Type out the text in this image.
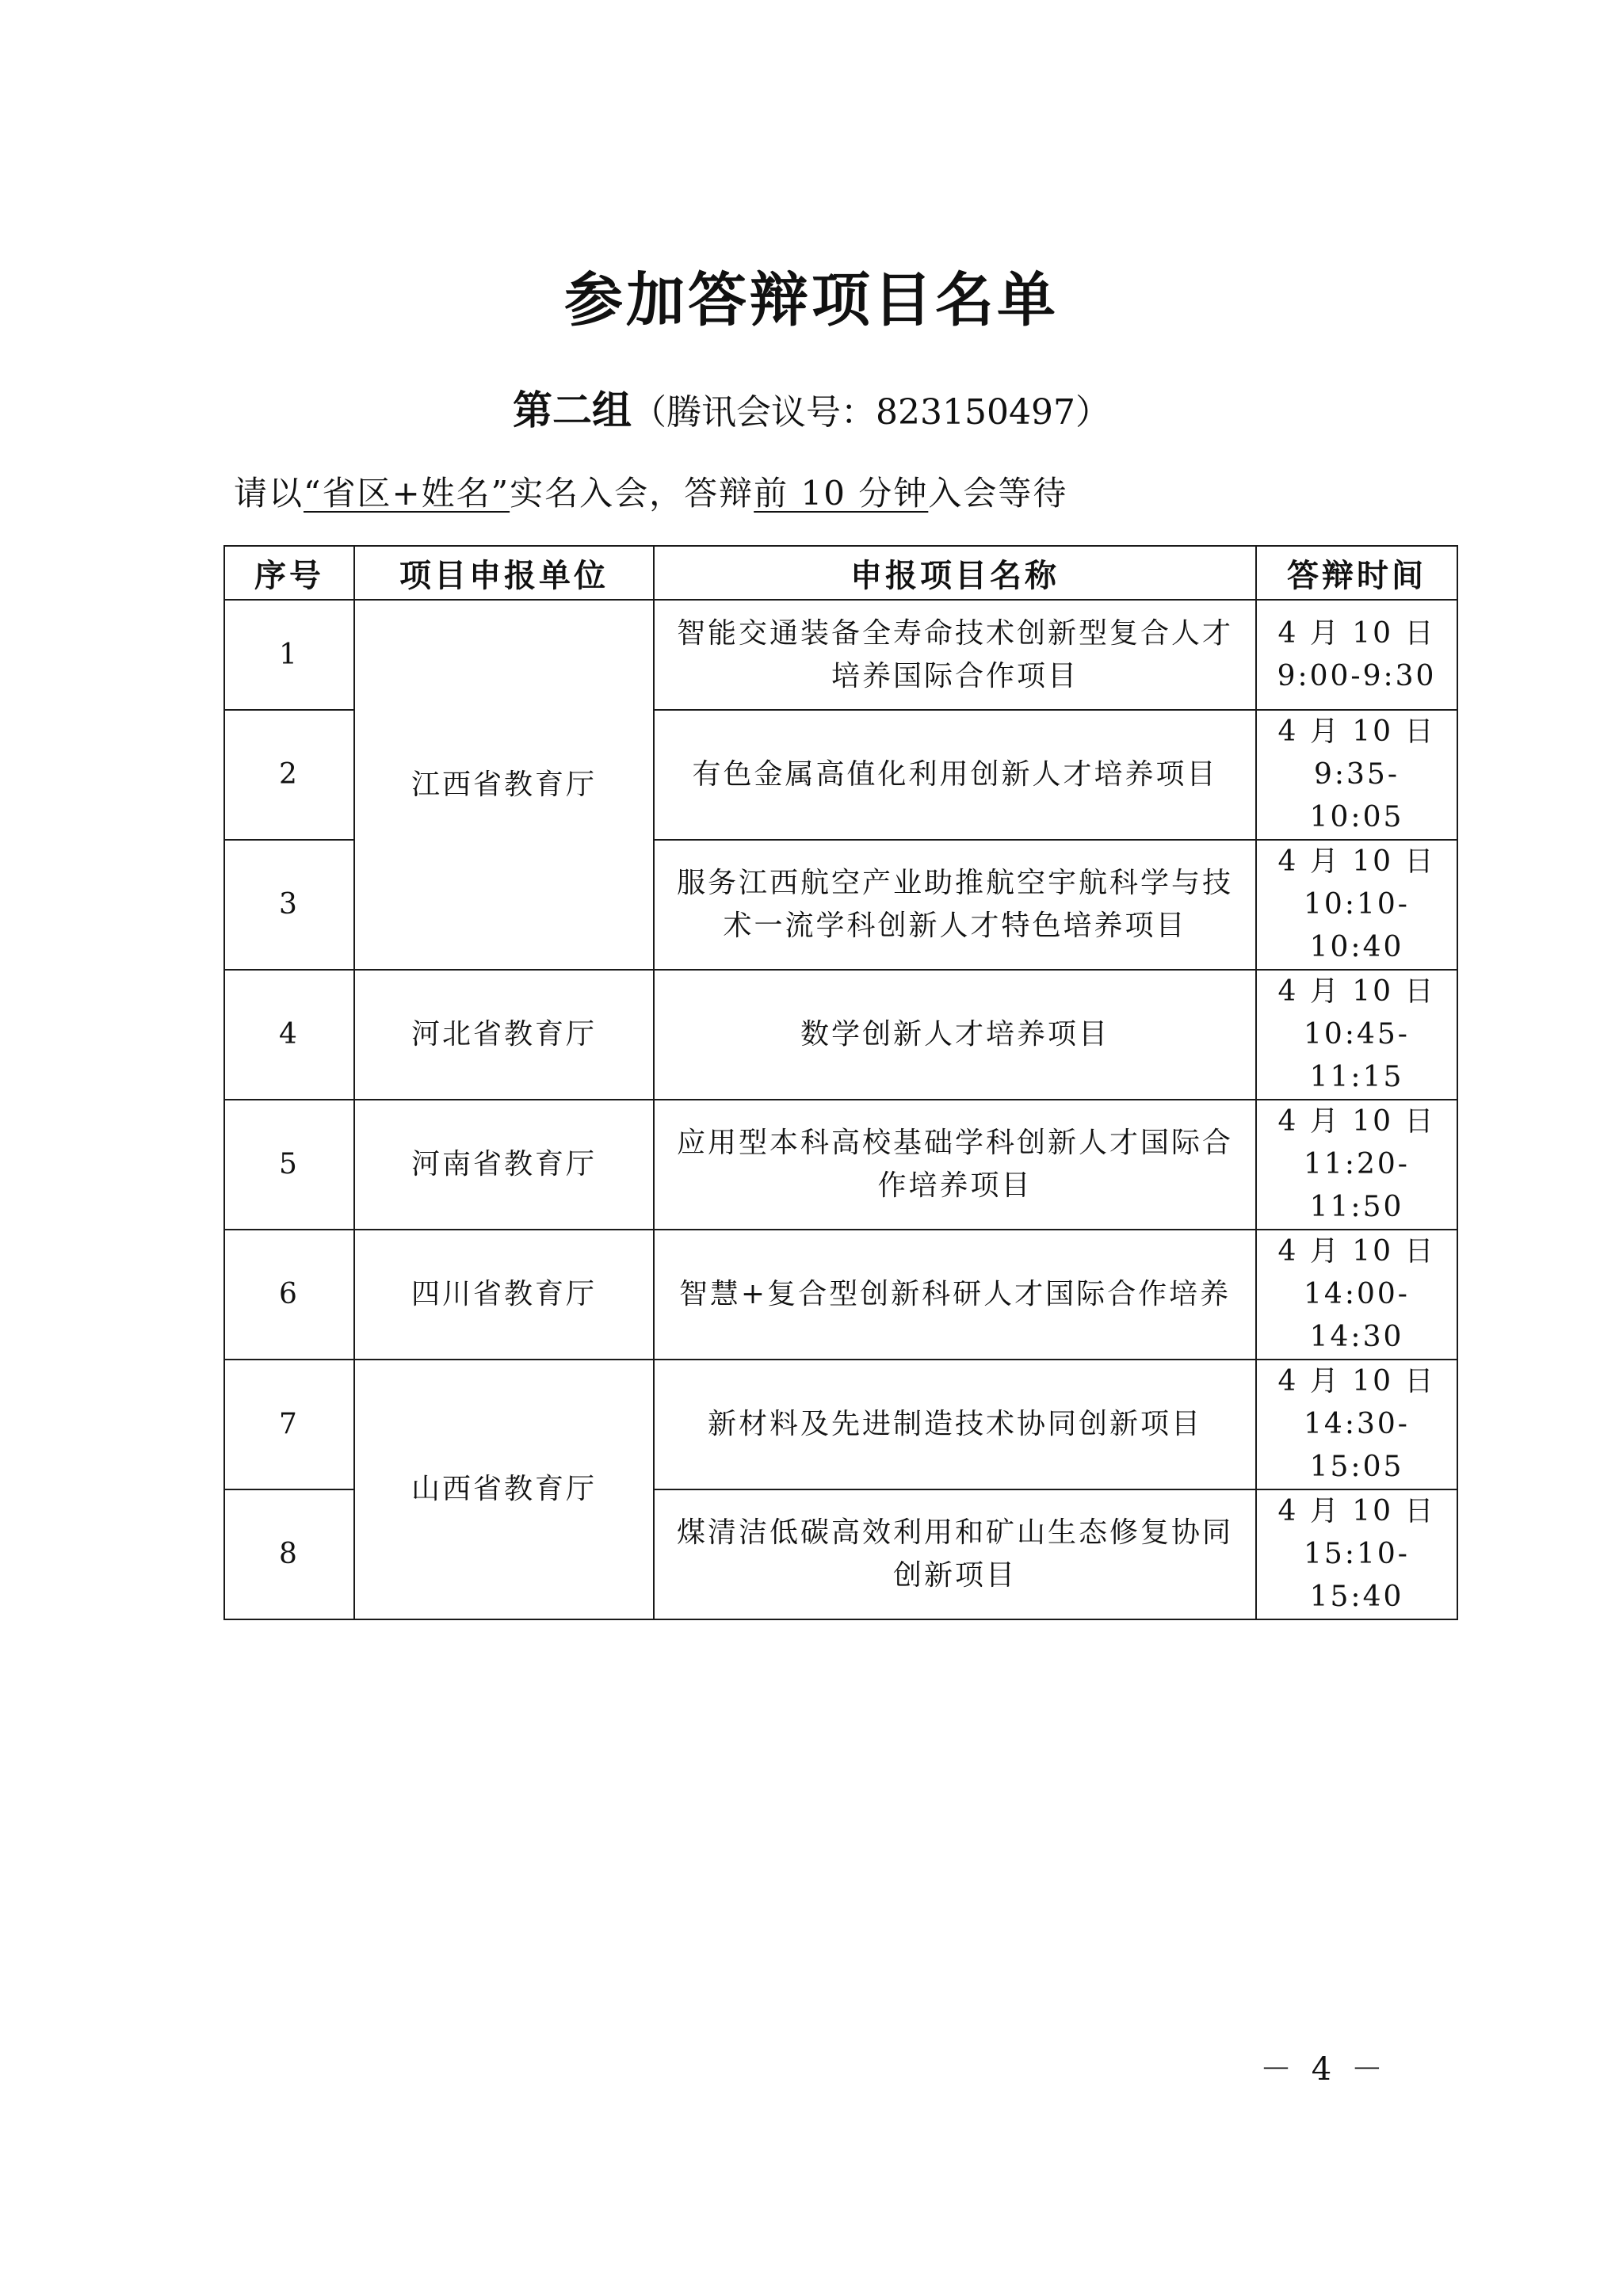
参加答辩项目名单
第二组（腾讯会议号：823150497）
请以“省区+姓名”实名入会，答辩前 10 分钟入会等待
序号	项目申报单位	申报项目名称	答辩时间
1	江西省教育厅	智能交通装备全寿命技术创新型复合人才培养国际合作项目	4 月 10 日
9:00-9:30

2		有色金属高值化利用创新人才培养项目	4 月 10 日
9:35-10:05

3		服务江西航空产业助推航空宇航科学与技术一流学科创新人才特色培养项目	4 月 10 日
10:10-10:40

4	河北省教育厅	数学创新人才培养项目	4 月 10 日
10:45-11:15

5	河南省教育厅	应用型本科高校基础学科创新人才国际合作培养项目	4 月 10 日
11:20-11:50

6	四川省教育厅	智慧+复合型创新科研人才国际合作培养	4 月 10 日
14:00-14:30

7	山西省教育厅	新材料及先进制造技术协同创新项目	4 月 10 日
14:30-15:05

8		煤清洁低碳高效利用和矿山生态修复协同创新项目	4 月 10 日
15:10-15:40
－ 4 －
